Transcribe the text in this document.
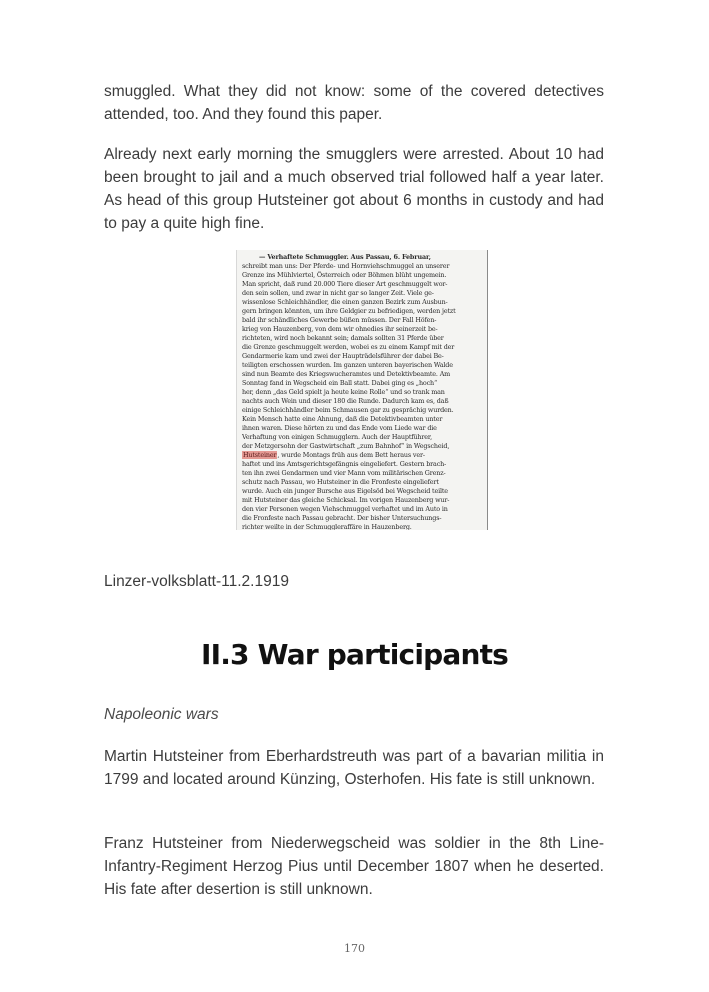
smuggled. What they did not know: some of the covered detectives attended, too. And they found this paper.

Already next early morning the smugglers were arrested. About 10 had been brought to jail and a much observed trial followed half a year later. As head of this group Hutsteiner got about 6 months in custody and had to pay a quite high fine.

— Verhaftete Schmuggler. Aus Passau, 6. Februar,
schreibt man uns: Der Pferde- und Hornviehschmuggel an unserer
Grenze ins Mühlviertel, Österreich oder Böhmen blüht ungemein.
Man spricht, daß rund 20.000 Tiere dieser Art geschmuggelt wor-
den sein sollen, und zwar in nicht gar so langer Zeit. Viele ge-
wissenlose Schleichhändler, die einen ganzen Bezirk zum Ausbun-
gern bringen könnten, um ihre Geldgier zu befriedigen, werden jetzt
bald ihr schändliches Gewerbe büßen müssen. Der Fall Höfen-
krieg von Hauzenberg, von dem wir ohnedies ihr seinerzeit be-
richteten, wird noch bekannt sein; damals sollten 31 Pferde über
die Grenze geschmuggelt werden, wobei es zu einem Kampf mit der
Gendarmerie kam und zwei der Haupträdelsführer der dabei Be-
teiligten erschossen wurden. Im ganzen unteren bayerischen Walde
sind nun Beamte des Kriegswucheramtes und Detektivbeamte. Am
Sonntag fand in Wegscheid ein Ball statt. Dabei ging es „hoch“
her, denn „das Geld spielt ja heute keine Rolle“ und so trank man
nachts auch Wein und dieser 180 die Runde. Dadurch kam es, daß
einige Schleichhändler beim Schmausen gar zu gesprächig wurden.
Kein Mensch hatte eine Ahnung, daß die Detektivbeamten unter
ihnen waren. Diese hörten zu und das Ende vom Liede war die
Verhaftung von einigen Schmugglern. Auch der Hauptführer,
der Metzgersohn der Gastwirtschaft „zum Bahnhof“ in Wegscheid,
Hutsteiner, wurde Montags früh aus dem Bett heraus ver-
haftet und ins Amtsgerichtsgefängnis eingeliefert. Gestern brach-
ten ihn zwei Gendarmen und vier Mann vom militärischen Grenz-
schutz nach Passau, wo Hutsteiner in die Fronfeste eingeliefert
wurde. Auch ein junger Bursche aus Eigelsöd bei Wegscheid teilte
mit Hutsteiner das gleiche Schicksal. Im vorigen Hauzenberg wur-
den vier Personen wegen Viehschmuggel verhaftet und im Auto in
die Fronfeste nach Passau gebracht. Der bisher Untersuchungs-
richter weilte in der Schmuggleraffäre in Hauzenberg.

Linzer-volksblatt-11.2.1919

II.3 War participants

Napoleonic wars

Martin Hutsteiner from Eberhardstreuth was part of a bavarian militia in 1799 and located around Künzing, Osterhofen. His fate is still unknown.

Franz Hutsteiner from Niederwegscheid was soldier in the 8th Line-Infantry-Regiment Herzog Pius until December 1807 when he deserted. His fate after desertion is still unknown.

170
